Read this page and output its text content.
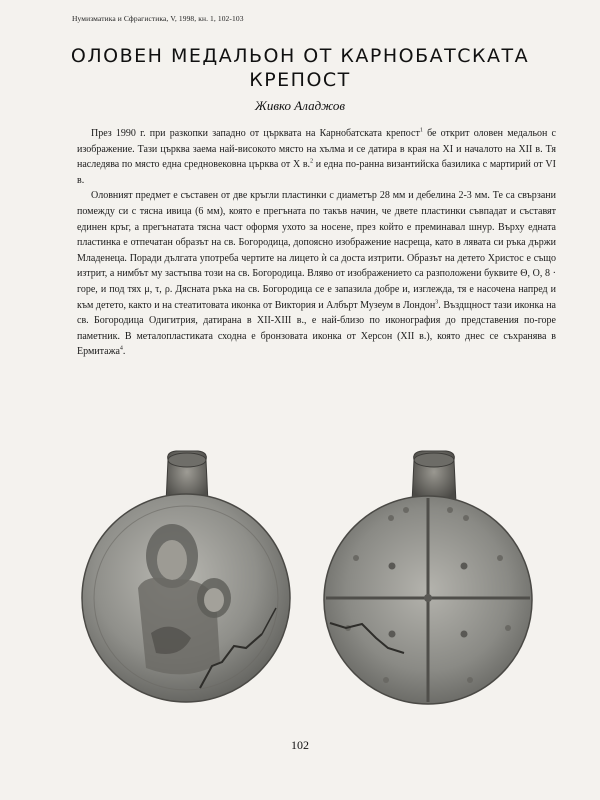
Нумизматика и Сфрагистика, V, 1998, кн. 1, 102-103
ОЛОВЕН МЕДАЛЬОН ОТ КАРНОБАТСКАТА
КРЕПОСТ
Живко Аладжов

През 1990 г. при разкопки западно от църквата на Карнобатската крепост$^1$ бе открит оловен медальон с изображение. Тази църква заема най-високото място на хълма и се датира в края на XI и началото на XII в. Тя наследява по място една средновековна църква от X в.$^2$ и една по-ранна византийска базилика с мартирий от VI в.

Оловният предмет е съставен от две кръгли пластинки с диаметър 28 мм и дебелина 2-3 мм. Те са свързани помежду си с тясна ивица (6 мм), която е прегъната по такъв начин, че двете пластинки съвпадат и съставят единен кръг, а прегънатата тясна част оформя ухото за носене, през който е преминавал шнур. Върху едната пластинка е отпечатан образът на св. Богородица, допоясно изображение насреща, като в лявата си ръка държи Младенеца. Поради дългата употреба чертите на лицето ѝ са доста изтрити. Образът на детето Христос е също изтрит, а нимбът му застъпва този на св. Богородица. Вляво от изображението са разположени буквите Θ, Ο, 8 · горе, и под тях μ, τ, ρ. Дясната ръка на св. Богородица се е запазила добре и, изглежда, тя е насочена напред и към детето, както и на стеатитовата иконка от Виктория и Албърт Музеум в Лондон$^3$. Въздщност тази иконка на св. Богородица Одигитрия, датирана в XII-XIII в., е най-близо по иконография до представения по-горе паметник. В металопластиката сходна е бронзовата иконка от Херсон (XII в.), която днес се съхранява в Ермитажа$^4$.

102
